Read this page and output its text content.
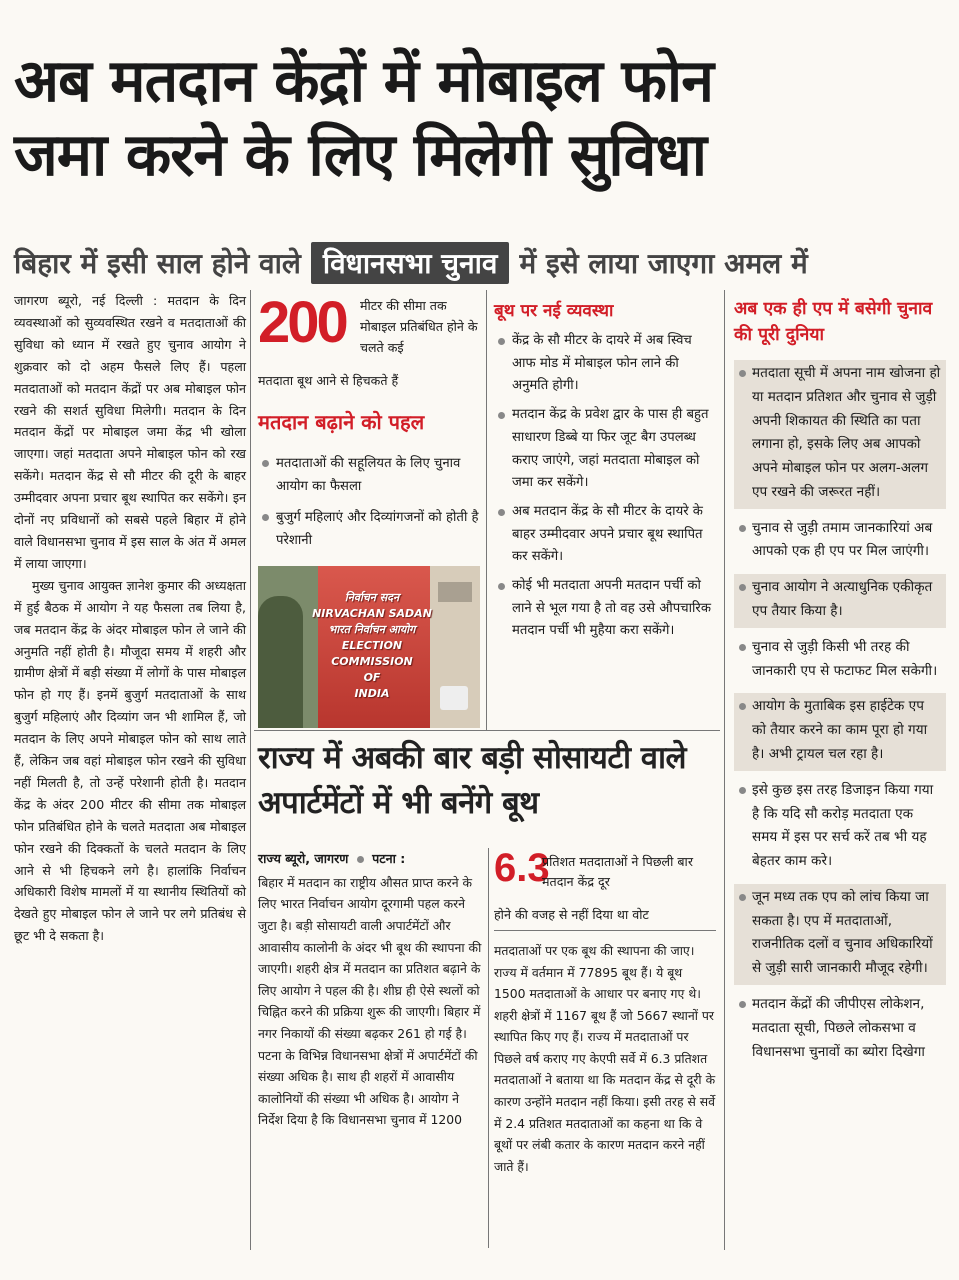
अब मतदान केंद्रों में मोबाइल फोन
जमा करने के लिए मिलेगी सुविधा
बिहार में इसी साल होने वाले विधानसभा चुनाव में इसे लाया जाएगा अमल में

जागरण ब्यूरो, नई दिल्ली : मतदान के दिन व्यवस्थाओं को सुव्यवस्थित रखने व मतदाताओं की सुविधा को ध्यान में रखते हुए चुनाव आयोग ने शुक्रवार को दो अहम फैसले लिए हैं। पहला मतदाताओं को मतदान केंद्रों पर अब मोबाइल फोन रखने की सशर्त सुविधा मिलेगी। मतदान के दिन मतदान केंद्रों पर मोबाइल जमा केंद्र भी खोला जाएगा। जहां मतदाता अपने मोबाइल फोन को रख सकेंगे। मतदान केंद्र से सौ मीटर की दूरी के बाहर उम्मीदवार अपना प्रचार बूथ स्थापित कर सकेंगे। इन दोनों नए प्रविधानों को सबसे पहले बिहार में होने वाले विधानसभा चुनाव में इस साल के अंत में अमल में लाया जाएगा।

मुख्य चुनाव आयुक्त ज्ञानेश कुमार की अध्यक्षता में हुई बैठक में आयोग ने यह फैसला तब लिया है, जब मतदान केंद्र के अंदर मोबाइल फोन ले जाने की अनुमति नहीं होती है। मौजूदा समय में शहरी और ग्रामीण क्षेत्रों में बड़ी संख्या में लोगों के पास मोबाइल फोन हो गए हैं। इनमें बुजुर्ग मतदाताओं के साथ बुजुर्ग महिलाएं और दिव्यांग जन भी शामिल हैं, जो मतदान के लिए अपने मोबाइल फोन को साथ लाते हैं, लेकिन जब वहां मोबाइल फोन रखने की सुविधा नहीं मिलती है, तो उन्हें परेशानी होती है। मतदान केंद्र के अंदर 200 मीटर की सीमा तक मोबाइल फोन प्रतिबंधित होने के चलते मतदाता अब मोबाइल फोन रखने की दिक्कतों के चलते मतदान के लिए आने से भी हिचकने लगे है। हालांकि निर्वाचन अधिकारी विशेष मामलों में या स्थानीय स्थितियों को देखते हुए मोबाइल फोन ले जाने पर लगे प्रतिबंध से छूट भी दे सकता है।

200 मीटर की सीमा तक मोबाइल प्रतिबंधित होने के चलते कई
मतदाता बूथ आने से हिचकते हैं
मतदान बढ़ाने को पहल
मतदाताओं की सहूलियत के लिए चुनाव आयोग का फैसला
बुजुर्ग महिलाएं और दिव्यांगजनों को होती है परेशानी
निर्वाचन सदन
NIRVACHAN SADAN
भारत निर्वाचन आयोग
ELECTION COMMISSION
OF
INDIA
बूथ पर नई व्यवस्था
केंद्र के सौ मीटर के दायरे में अब स्विच आफ मोड में मोबाइल फोन लाने की अनुमति होगी।
मतदान केंद्र के प्रवेश द्वार के पास ही बहुत साधारण डिब्बे या फिर जूट बैग उपलब्ध कराए जाएंगे, जहां मतदाता मोबाइल को जमा कर सकेंगे।
अब मतदान केंद्र के सौ मीटर के दायरे के बाहर उम्मीदवार अपने प्रचार बूथ स्थापित कर सकेंगे।
कोई भी मतदाता अपनी मतदान पर्ची को लाने से भूल गया है तो वह उसे औपचारिक मतदान पर्ची भी मुहैया करा सकेंगे।
अब एक ही एप में बसेगी चुनाव की पूरी दुनिया
मतदाता सूची में अपना नाम खोजना हो या मतदान प्रतिशत और चुनाव से जुड़ी अपनी शिकायत की स्थिति का पता लगाना हो, इसके लिए अब आपको अपने मोबाइल फोन पर अलग-अलग एप रखने की जरूरत नहीं।
चुनाव से जुड़ी तमाम जानकारियां अब आपको एक ही एप पर मिल जाएंगी।
चुनाव आयोग ने अत्याधुनिक एकीकृत एप तैयार किया है।
चुनाव से जुड़ी किसी भी तरह की जानकारी एप से फटाफट मिल सकेगी।
आयोग के मुताबिक इस हाईटेक एप को तैयार करने का काम पूरा हो गया है। अभी ट्रायल चल रहा है।
इसे कुछ इस तरह डिजाइन किया गया है कि यदि सौ करोड़ मतदाता एक समय में इस पर सर्च करें तब भी यह बेहतर काम करे।
जून मध्य तक एप को लांच किया जा सकता है। एप में मतदाताओं, राजनीतिक दलों व चुनाव अधिकारियों से जुड़ी सारी जानकारी मौजूद रहेगी।
मतदान केंद्रों की जीपीएस लोकेशन, मतदाता सूची, पिछले लोकसभा व विधानसभा चुनावों का ब्योरा दिखेगा
राज्य में अबकी बार बड़ी सोसायटी वाले अपार्टमेंटों में भी बनेंगे बूथ
राज्य ब्यूरो, जागरण पटना :

बिहार में मतदान का राष्ट्रीय औसत प्राप्त करने के लिए भारत निर्वाचन आयोग दूरगामी पहल करने जुटा है। बड़ी सोसायटी वाली अपार्टमेंटों और आवासीय कालोनी के अंदर भी बूथ की स्थापना की जाएगी। शहरी क्षेत्र में मतदान का प्रतिशत बढ़ाने के लिए आयोग ने पहल की है। शीघ्र ही ऐसे स्थलों को चिह्नित करने की प्रक्रिया शुरू की जाएगी। बिहार में नगर निकायों की संख्या बढ़कर 261 हो गई है। पटना के विभिन्न विधानसभा क्षेत्रों में अपार्टमेंटों की संख्या अधिक है। साथ ही शहरों में आवासीय कालोनियों की संख्या भी अधिक है। आयोग ने निर्देश दिया है कि विधानसभा चुनाव में 1200

6.3
प्रतिशत मतदाताओं ने पिछली बार मतदान केंद्र दूर
होने की वजह से नहीं दिया था वोट

मतदाताओं पर एक बूथ की स्थापना की जाए। राज्य में वर्तमान में 77895 बूथ हैं। ये बूथ 1500 मतदाताओं के आधार पर बनाए गए थे। शहरी क्षेत्रों में 1167 बूथ हैं जो 5667 स्थानों पर स्थापित किए गए हैं। राज्य में मतदाताओं पर पिछले वर्ष कराए गए केएपी सर्वे में 6.3 प्रतिशत मतदाताओं ने बताया था कि मतदान केंद्र से दूरी के कारण उन्होंने मतदान नहीं किया। इसी तरह से सर्वे में 2.4 प्रतिशत मतदाताओं का कहना था कि वे बूथों पर लंबी कतार के कारण मतदान करने नहीं जाते हैं।
